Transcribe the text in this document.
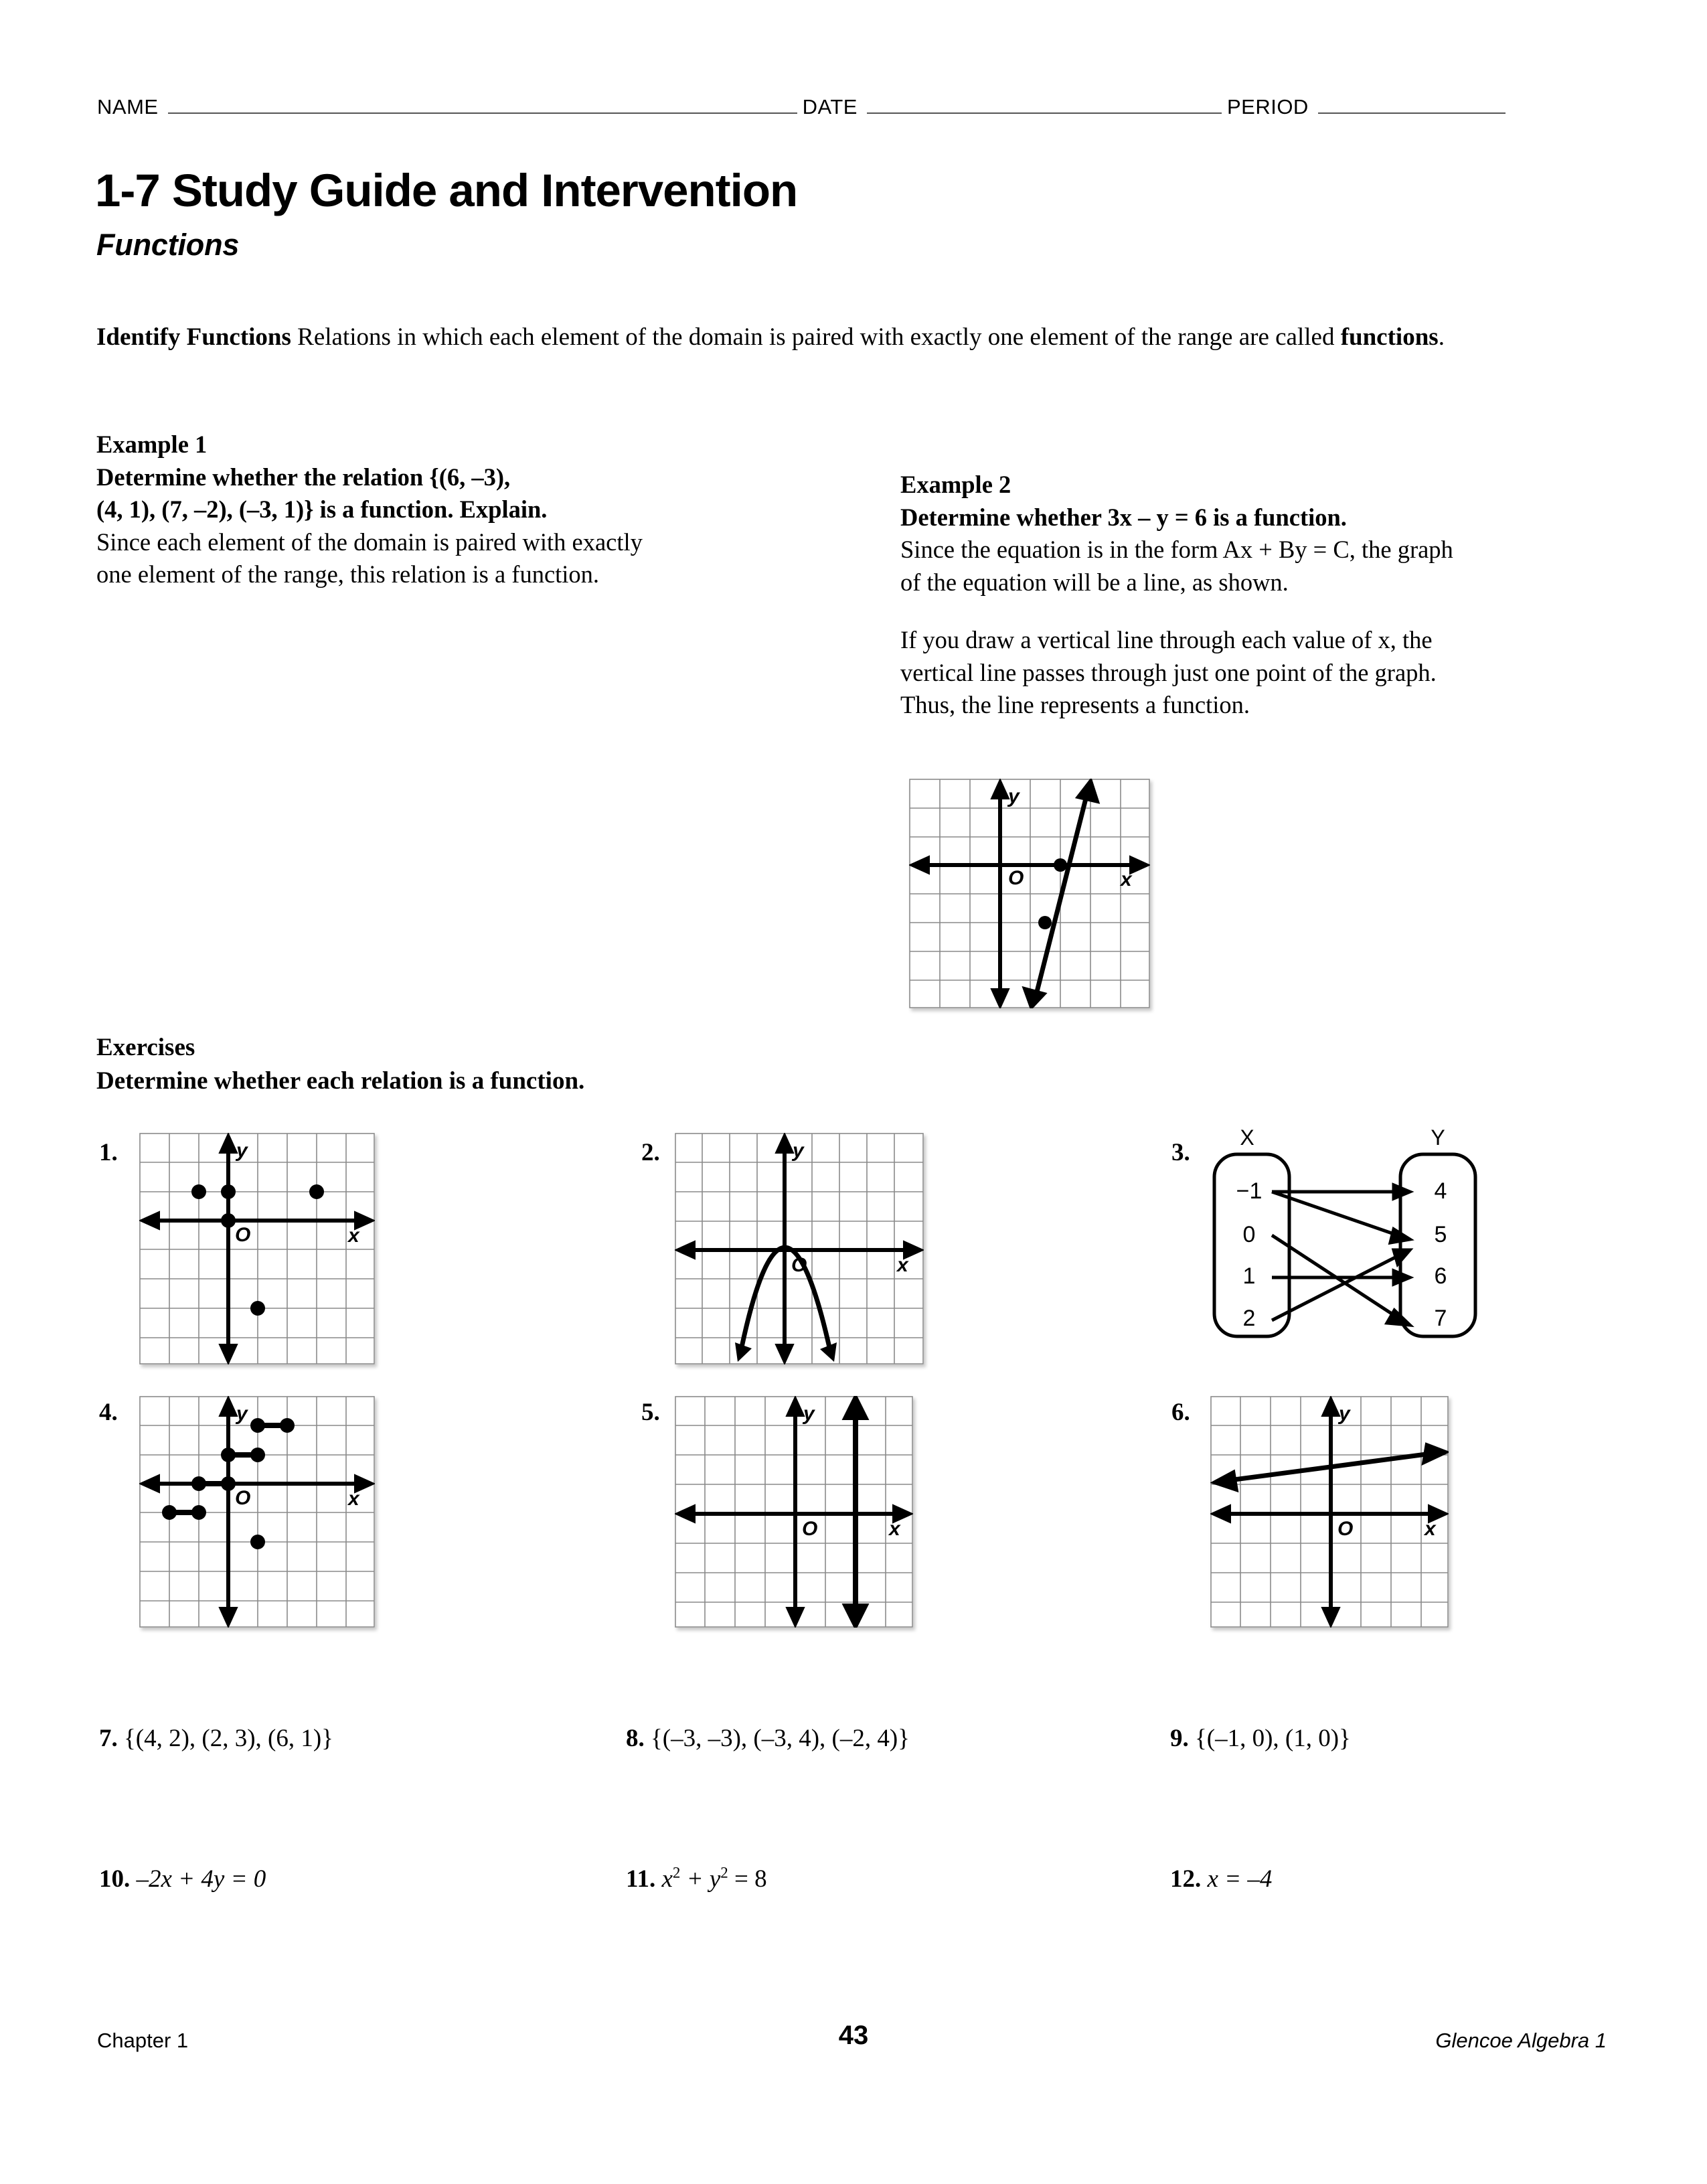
NAME	DATE	PERIOD
1-7 Study Guide and Intervention
Functions
Identify Functions Relations in which each element of the domain is paired with exactly one element of the range are called functions.
Example 1
Determine whether the relation {(6, –3),
(4, 1), (7, –2), (–3, 1)} is a function. Explain.
Since each element of the domain is paired with exactly
one element of the range, this relation is a function.
Example 2
Determine whether 3x – y = 6 is a function.
Since the equation is in the form Ax + By = C, the graph
of the equation will be a line, as shown.
If you draw a vertical line through each value of x, the
vertical line passes through just one point of the graph.
Thus, the line represents a function.
O
y
x
Exercises
Determine whether each relation is a function.
1.
O
y
x
2.
O
y
x
3.
X	Y
−1
0
1
2
4
5
6
7
4.
O
y
x
5.
O
y
x
6.
O
y
x
7. {(4, 2), (2, 3), (6, 1)}	8. {(–3, –3), (–3, 4), (–2, 4)}	9. {(–1, 0), (1, 0)}
10. –2x + 4y = 0	11. $x^2 + y^2 = 8$	12. x = –4
Chapter 1	43	Glencoe Algebra 1
